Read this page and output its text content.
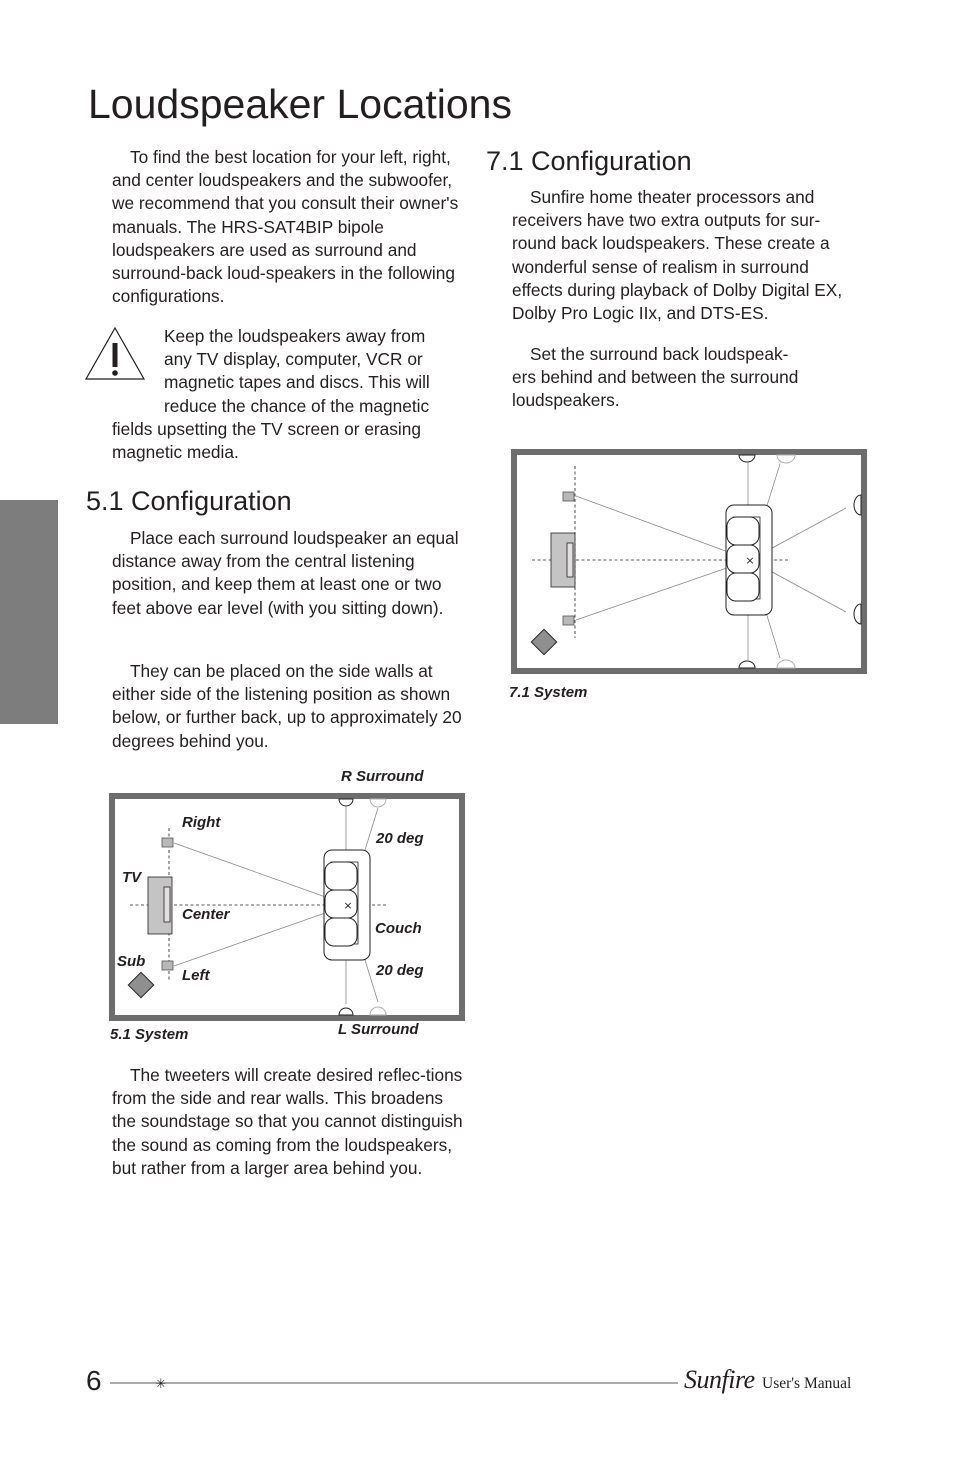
Loudspeaker Locations

To find the best location for your left, right, and center loudspeakers and the subwoofer, we recommend that you consult their owner's manuals. The HRS-SAT4BIP bipole loudspeakers are used as surround and surround-back loud-speakers in the following configurations.

Keep the loudspeakers away from
any TV display, computer, VCR or
magnetic tapes and discs. This will
reduce the chance of the magnetic

fields upsetting the TV screen or erasing magnetic media.

5.1 Configuration

Place each surround loudspeaker an equal distance away from the central listening position, and keep them at least one or two feet above ear level (with you sitting down).

They can be placed on the side walls at either side of the listening position as shown below, or further back, up to approximately 20 degrees behind you.

×
R Surround
Right
20 deg
TV
Center
Couch
Sub
20 deg
Left
L Surround
5.1 System

The tweeters will create desired reflec-tions from the side and rear walls. This broadens the soundstage so that you cannot distinguish the sound as coming from the loudspeakers, but rather from a larger area behind you.

7.1 Configuration

Sunfire home theater processors and receivers have two extra outputs for sur-round back loudspeakers. These create a wonderful sense of realism in surround effects during playback of Dolby Digital EX, Dolby Pro Logic IIx, and DTS-ES.

Set the surround back loudspeak-

ers behind and between the surround loudspeakers.

×
7.1 System
6	✳	Sunfire User's Manual
